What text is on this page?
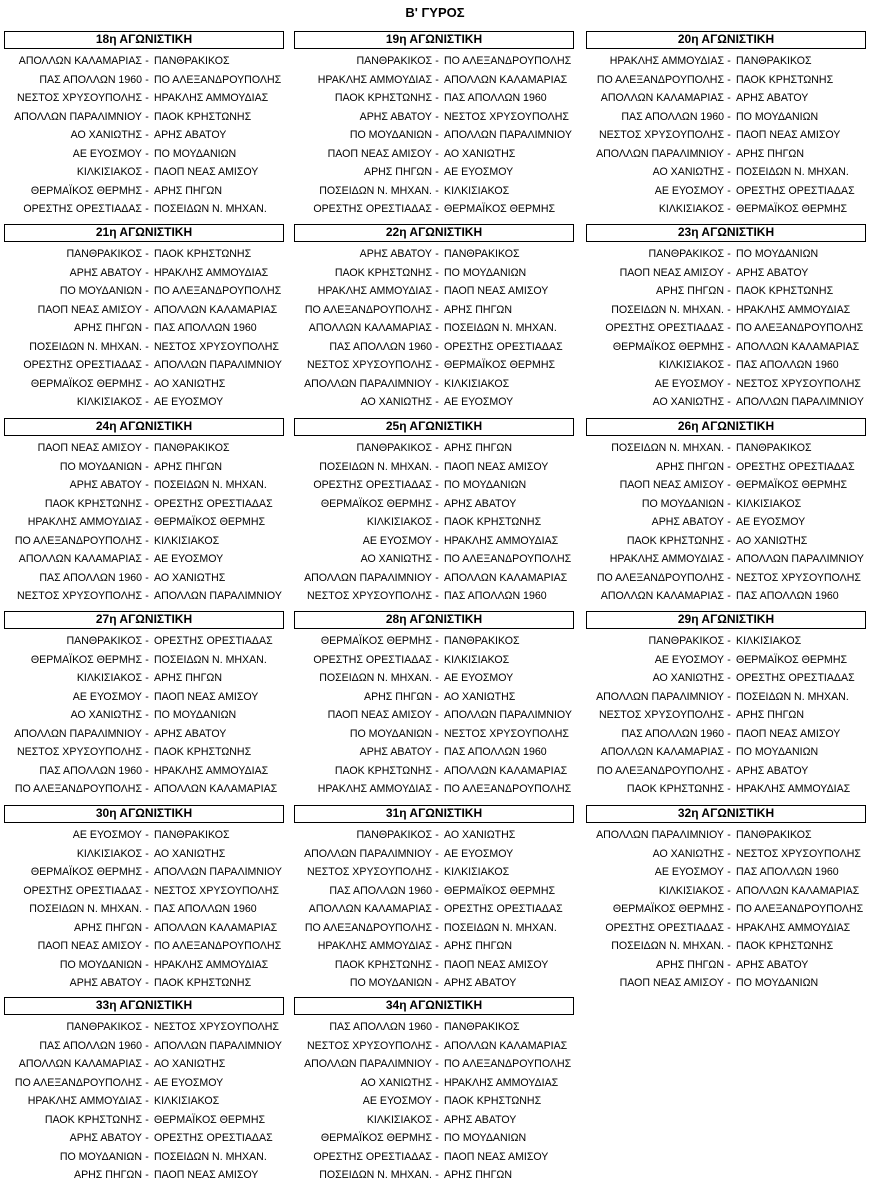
Β' ΓΥΡΟΣ
18η ΑΓΩΝΙΣΤΙΚΗ
ΑΠΟΛΛΩΝ ΚΑΛΑΜΑΡΙΑΣ - ΠΑΝΘΡΑΚΙΚΟΣ
ΠΑΣ ΑΠΟΛΛΩΝ 1960 - ΠΟ ΑΛΕΞΑΝΔΡΟΥΠΟΛΗΣ
ΝΕΣΤΟΣ ΧΡΥΣΟΥΠΟΛΗΣ - ΗΡΑΚΛΗΣ ΑΜΜΟΥΔΙΑΣ
ΑΠΟΛΛΩΝ ΠΑΡΑΛΙΜΝΙΟΥ - ΠΑΟΚ ΚΡΗΣΤΩΝΗΣ
ΑΟ ΧΑΝΙΩΤΗΣ - ΑΡΗΣ ΑΒΑΤΟΥ
ΑΕ ΕΥΟΣΜΟΥ - ΠΟ ΜΟΥΔΑΝΙΩΝ
ΚΙΛΚΙΣΙΑΚΟΣ - ΠΑΟΠ ΝΕΑΣ ΑΜΙΣΟΥ
ΘΕΡΜΑΪΚΟΣ ΘΕΡΜΗΣ - ΑΡΗΣ ΠΗΓΩΝ
ΟΡΕΣΤΗΣ ΟΡΕΣΤΙΑΔΑΣ - ΠΟΣΕΙΔΩΝ Ν. ΜΗΧΑΝ.
19η ΑΓΩΝΙΣΤΙΚΗ
ΠΑΝΘΡΑΚΙΚΟΣ - ΠΟ ΑΛΕΞΑΝΔΡΟΥΠΟΛΗΣ
ΗΡΑΚΛΗΣ ΑΜΜΟΥΔΙΑΣ - ΑΠΟΛΛΩΝ ΚΑΛΑΜΑΡΙΑΣ
ΠΑΟΚ ΚΡΗΣΤΩΝΗΣ - ΠΑΣ ΑΠΟΛΛΩΝ 1960
ΑΡΗΣ ΑΒΑΤΟΥ - ΝΕΣΤΟΣ ΧΡΥΣΟΥΠΟΛΗΣ
ΠΟ ΜΟΥΔΑΝΙΩΝ - ΑΠΟΛΛΩΝ ΠΑΡΑΛΙΜΝΙΟΥ
ΠΑΟΠ ΝΕΑΣ ΑΜΙΣΟΥ - ΑΟ ΧΑΝΙΩΤΗΣ
ΑΡΗΣ ΠΗΓΩΝ - ΑΕ ΕΥΟΣΜΟΥ
ΠΟΣΕΙΔΩΝ Ν. ΜΗΧΑΝ. - ΚΙΛΚΙΣΙΑΚΟΣ
ΟΡΕΣΤΗΣ ΟΡΕΣΤΙΑΔΑΣ - ΘΕΡΜΑΪΚΟΣ ΘΕΡΜΗΣ
20η ΑΓΩΝΙΣΤΙΚΗ
ΗΡΑΚΛΗΣ ΑΜΜΟΥΔΙΑΣ - ΠΑΝΘΡΑΚΙΚΟΣ
ΠΟ ΑΛΕΞΑΝΔΡΟΥΠΟΛΗΣ - ΠΑΟΚ ΚΡΗΣΤΩΝΗΣ
ΑΠΟΛΛΩΝ ΚΑΛΑΜΑΡΙΑΣ - ΑΡΗΣ ΑΒΑΤΟΥ
ΠΑΣ ΑΠΟΛΛΩΝ 1960 - ΠΟ ΜΟΥΔΑΝΙΩΝ
ΝΕΣΤΟΣ ΧΡΥΣΟΥΠΟΛΗΣ - ΠΑΟΠ ΝΕΑΣ ΑΜΙΣΟΥ
ΑΠΟΛΛΩΝ ΠΑΡΑΛΙΜΝΙΟΥ - ΑΡΗΣ ΠΗΓΩΝ
ΑΟ ΧΑΝΙΩΤΗΣ - ΠΟΣΕΙΔΩΝ Ν. ΜΗΧΑΝ.
ΑΕ ΕΥΟΣΜΟΥ - ΟΡΕΣΤΗΣ ΟΡΕΣΤΙΑΔΑΣ
ΚΙΛΚΙΣΙΑΚΟΣ - ΘΕΡΜΑΪΚΟΣ ΘΕΡΜΗΣ
21η ΑΓΩΝΙΣΤΙΚΗ
ΠΑΝΘΡΑΚΙΚΟΣ - ΠΑΟΚ ΚΡΗΣΤΩΝΗΣ
ΑΡΗΣ ΑΒΑΤΟΥ - ΗΡΑΚΛΗΣ ΑΜΜΟΥΔΙΑΣ
ΠΟ ΜΟΥΔΑΝΙΩΝ - ΠΟ ΑΛΕΞΑΝΔΡΟΥΠΟΛΗΣ
ΠΑΟΠ ΝΕΑΣ ΑΜΙΣΟΥ - ΑΠΟΛΛΩΝ ΚΑΛΑΜΑΡΙΑΣ
ΑΡΗΣ ΠΗΓΩΝ - ΠΑΣ ΑΠΟΛΛΩΝ 1960
ΠΟΣΕΙΔΩΝ Ν. ΜΗΧΑΝ. - ΝΕΣΤΟΣ ΧΡΥΣΟΥΠΟΛΗΣ
ΟΡΕΣΤΗΣ ΟΡΕΣΤΙΑΔΑΣ - ΑΠΟΛΛΩΝ ΠΑΡΑΛΙΜΝΙΟΥ
ΘΕΡΜΑΪΚΟΣ ΘΕΡΜΗΣ - ΑΟ ΧΑΝΙΩΤΗΣ
ΚΙΛΚΙΣΙΑΚΟΣ - ΑΕ ΕΥΟΣΜΟΥ
22η ΑΓΩΝΙΣΤΙΚΗ
ΑΡΗΣ ΑΒΑΤΟΥ - ΠΑΝΘΡΑΚΙΚΟΣ
ΠΑΟΚ ΚΡΗΣΤΩΝΗΣ - ΠΟ ΜΟΥΔΑΝΙΩΝ
ΗΡΑΚΛΗΣ ΑΜΜΟΥΔΙΑΣ - ΠΑΟΠ ΝΕΑΣ ΑΜΙΣΟΥ
ΠΟ ΑΛΕΞΑΝΔΡΟΥΠΟΛΗΣ - ΑΡΗΣ ΠΗΓΩΝ
ΑΠΟΛΛΩΝ ΚΑΛΑΜΑΡΙΑΣ - ΠΟΣΕΙΔΩΝ Ν. ΜΗΧΑΝ.
ΠΑΣ ΑΠΟΛΛΩΝ 1960 - ΟΡΕΣΤΗΣ ΟΡΕΣΤΙΑΔΑΣ
ΝΕΣΤΟΣ ΧΡΥΣΟΥΠΟΛΗΣ - ΘΕΡΜΑΪΚΟΣ ΘΕΡΜΗΣ
ΑΠΟΛΛΩΝ ΠΑΡΑΛΙΜΝΙΟΥ - ΚΙΛΚΙΣΙΑΚΟΣ
ΑΟ ΧΑΝΙΩΤΗΣ - ΑΕ ΕΥΟΣΜΟΥ
23η ΑΓΩΝΙΣΤΙΚΗ
ΠΑΝΘΡΑΚΙΚΟΣ - ΠΟ ΜΟΥΔΑΝΙΩΝ
ΠΑΟΠ ΝΕΑΣ ΑΜΙΣΟΥ - ΑΡΗΣ ΑΒΑΤΟΥ
ΑΡΗΣ ΠΗΓΩΝ - ΠΑΟΚ ΚΡΗΣΤΩΝΗΣ
ΠΟΣΕΙΔΩΝ Ν. ΜΗΧΑΝ. - ΗΡΑΚΛΗΣ ΑΜΜΟΥΔΙΑΣ
ΟΡΕΣΤΗΣ ΟΡΕΣΤΙΑΔΑΣ - ΠΟ ΑΛΕΞΑΝΔΡΟΥΠΟΛΗΣ
ΘΕΡΜΑΪΚΟΣ ΘΕΡΜΗΣ - ΑΠΟΛΛΩΝ ΚΑΛΑΜΑΡΙΑΣ
ΚΙΛΚΙΣΙΑΚΟΣ - ΠΑΣ ΑΠΟΛΛΩΝ 1960
ΑΕ ΕΥΟΣΜΟΥ - ΝΕΣΤΟΣ ΧΡΥΣΟΥΠΟΛΗΣ
ΑΟ ΧΑΝΙΩΤΗΣ - ΑΠΟΛΛΩΝ ΠΑΡΑΛΙΜΝΙΟΥ
24η ΑΓΩΝΙΣΤΙΚΗ
ΠΑΟΠ ΝΕΑΣ ΑΜΙΣΟΥ - ΠΑΝΘΡΑΚΙΚΟΣ
ΠΟ ΜΟΥΔΑΝΙΩΝ - ΑΡΗΣ ΠΗΓΩΝ
ΑΡΗΣ ΑΒΑΤΟΥ - ΠΟΣΕΙΔΩΝ Ν. ΜΗΧΑΝ.
ΠΑΟΚ ΚΡΗΣΤΩΝΗΣ - ΟΡΕΣΤΗΣ ΟΡΕΣΤΙΑΔΑΣ
ΗΡΑΚΛΗΣ ΑΜΜΟΥΔΙΑΣ - ΘΕΡΜΑΪΚΟΣ ΘΕΡΜΗΣ
ΠΟ ΑΛΕΞΑΝΔΡΟΥΠΟΛΗΣ - ΚΙΛΚΙΣΙΑΚΟΣ
ΑΠΟΛΛΩΝ ΚΑΛΑΜΑΡΙΑΣ - ΑΕ ΕΥΟΣΜΟΥ
ΠΑΣ ΑΠΟΛΛΩΝ 1960 - ΑΟ ΧΑΝΙΩΤΗΣ
ΝΕΣΤΟΣ ΧΡΥΣΟΥΠΟΛΗΣ - ΑΠΟΛΛΩΝ ΠΑΡΑΛΙΜΝΙΟΥ
25η ΑΓΩΝΙΣΤΙΚΗ
ΠΑΝΘΡΑΚΙΚΟΣ - ΑΡΗΣ ΠΗΓΩΝ
ΠΟΣΕΙΔΩΝ Ν. ΜΗΧΑΝ. - ΠΑΟΠ ΝΕΑΣ ΑΜΙΣΟΥ
ΟΡΕΣΤΗΣ ΟΡΕΣΤΙΑΔΑΣ - ΠΟ ΜΟΥΔΑΝΙΩΝ
ΘΕΡΜΑΪΚΟΣ ΘΕΡΜΗΣ - ΑΡΗΣ ΑΒΑΤΟΥ
ΚΙΛΚΙΣΙΑΚΟΣ - ΠΑΟΚ ΚΡΗΣΤΩΝΗΣ
ΑΕ ΕΥΟΣΜΟΥ - ΗΡΑΚΛΗΣ ΑΜΜΟΥΔΙΑΣ
ΑΟ ΧΑΝΙΩΤΗΣ - ΠΟ ΑΛΕΞΑΝΔΡΟΥΠΟΛΗΣ
ΑΠΟΛΛΩΝ ΠΑΡΑΛΙΜΝΙΟΥ - ΑΠΟΛΛΩΝ ΚΑΛΑΜΑΡΙΑΣ
ΝΕΣΤΟΣ ΧΡΥΣΟΥΠΟΛΗΣ - ΠΑΣ ΑΠΟΛΛΩΝ 1960
26η ΑΓΩΝΙΣΤΙΚΗ
ΠΟΣΕΙΔΩΝ Ν. ΜΗΧΑΝ. - ΠΑΝΘΡΑΚΙΚΟΣ
ΑΡΗΣ ΠΗΓΩΝ - ΟΡΕΣΤΗΣ ΟΡΕΣΤΙΑΔΑΣ
ΠΑΟΠ ΝΕΑΣ ΑΜΙΣΟΥ - ΘΕΡΜΑΪΚΟΣ ΘΕΡΜΗΣ
ΠΟ ΜΟΥΔΑΝΙΩΝ - ΚΙΛΚΙΣΙΑΚΟΣ
ΑΡΗΣ ΑΒΑΤΟΥ - ΑΕ ΕΥΟΣΜΟΥ
ΠΑΟΚ ΚΡΗΣΤΩΝΗΣ - ΑΟ ΧΑΝΙΩΤΗΣ
ΗΡΑΚΛΗΣ ΑΜΜΟΥΔΙΑΣ - ΑΠΟΛΛΩΝ ΠΑΡΑΛΙΜΝΙΟΥ
ΠΟ ΑΛΕΞΑΝΔΡΟΥΠΟΛΗΣ - ΝΕΣΤΟΣ ΧΡΥΣΟΥΠΟΛΗΣ
ΑΠΟΛΛΩΝ ΚΑΛΑΜΑΡΙΑΣ - ΠΑΣ ΑΠΟΛΛΩΝ 1960
27η ΑΓΩΝΙΣΤΙΚΗ
ΠΑΝΘΡΑΚΙΚΟΣ - ΟΡΕΣΤΗΣ ΟΡΕΣΤΙΑΔΑΣ
ΘΕΡΜΑΪΚΟΣ ΘΕΡΜΗΣ - ΠΟΣΕΙΔΩΝ Ν. ΜΗΧΑΝ.
ΚΙΛΚΙΣΙΑΚΟΣ - ΑΡΗΣ ΠΗΓΩΝ
ΑΕ ΕΥΟΣΜΟΥ - ΠΑΟΠ ΝΕΑΣ ΑΜΙΣΟΥ
ΑΟ ΧΑΝΙΩΤΗΣ - ΠΟ ΜΟΥΔΑΝΙΩΝ
ΑΠΟΛΛΩΝ ΠΑΡΑΛΙΜΝΙΟΥ - ΑΡΗΣ ΑΒΑΤΟΥ
ΝΕΣΤΟΣ ΧΡΥΣΟΥΠΟΛΗΣ - ΠΑΟΚ ΚΡΗΣΤΩΝΗΣ
ΠΑΣ ΑΠΟΛΛΩΝ 1960 - ΗΡΑΚΛΗΣ ΑΜΜΟΥΔΙΑΣ
ΠΟ ΑΛΕΞΑΝΔΡΟΥΠΟΛΗΣ - ΑΠΟΛΛΩΝ ΚΑΛΑΜΑΡΙΑΣ
28η ΑΓΩΝΙΣΤΙΚΗ
ΘΕΡΜΑΪΚΟΣ ΘΕΡΜΗΣ - ΠΑΝΘΡΑΚΙΚΟΣ
ΟΡΕΣΤΗΣ ΟΡΕΣΤΙΑΔΑΣ - ΚΙΛΚΙΣΙΑΚΟΣ
ΠΟΣΕΙΔΩΝ Ν. ΜΗΧΑΝ. - ΑΕ ΕΥΟΣΜΟΥ
ΑΡΗΣ ΠΗΓΩΝ - ΑΟ ΧΑΝΙΩΤΗΣ
ΠΑΟΠ ΝΕΑΣ ΑΜΙΣΟΥ - ΑΠΟΛΛΩΝ ΠΑΡΑΛΙΜΝΙΟΥ
ΠΟ ΜΟΥΔΑΝΙΩΝ - ΝΕΣΤΟΣ ΧΡΥΣΟΥΠΟΛΗΣ
ΑΡΗΣ ΑΒΑΤΟΥ - ΠΑΣ ΑΠΟΛΛΩΝ 1960
ΠΑΟΚ ΚΡΗΣΤΩΝΗΣ - ΑΠΟΛΛΩΝ ΚΑΛΑΜΑΡΙΑΣ
ΗΡΑΚΛΗΣ ΑΜΜΟΥΔΙΑΣ - ΠΟ ΑΛΕΞΑΝΔΡΟΥΠΟΛΗΣ
29η ΑΓΩΝΙΣΤΙΚΗ
ΠΑΝΘΡΑΚΙΚΟΣ - ΚΙΛΚΙΣΙΑΚΟΣ
ΑΕ ΕΥΟΣΜΟΥ - ΘΕΡΜΑΪΚΟΣ ΘΕΡΜΗΣ
ΑΟ ΧΑΝΙΩΤΗΣ - ΟΡΕΣΤΗΣ ΟΡΕΣΤΙΑΔΑΣ
ΑΠΟΛΛΩΝ ΠΑΡΑΛΙΜΝΙΟΥ - ΠΟΣΕΙΔΩΝ Ν. ΜΗΧΑΝ.
ΝΕΣΤΟΣ ΧΡΥΣΟΥΠΟΛΗΣ - ΑΡΗΣ ΠΗΓΩΝ
ΠΑΣ ΑΠΟΛΛΩΝ 1960 - ΠΑΟΠ ΝΕΑΣ ΑΜΙΣΟΥ
ΑΠΟΛΛΩΝ ΚΑΛΑΜΑΡΙΑΣ - ΠΟ ΜΟΥΔΑΝΙΩΝ
ΠΟ ΑΛΕΞΑΝΔΡΟΥΠΟΛΗΣ - ΑΡΗΣ ΑΒΑΤΟΥ
ΠΑΟΚ ΚΡΗΣΤΩΝΗΣ - ΗΡΑΚΛΗΣ ΑΜΜΟΥΔΙΑΣ
30η ΑΓΩΝΙΣΤΙΚΗ
ΑΕ ΕΥΟΣΜΟΥ - ΠΑΝΘΡΑΚΙΚΟΣ
ΚΙΛΚΙΣΙΑΚΟΣ - ΑΟ ΧΑΝΙΩΤΗΣ
ΘΕΡΜΑΪΚΟΣ ΘΕΡΜΗΣ - ΑΠΟΛΛΩΝ ΠΑΡΑΛΙΜΝΙΟΥ
ΟΡΕΣΤΗΣ ΟΡΕΣΤΙΑΔΑΣ - ΝΕΣΤΟΣ ΧΡΥΣΟΥΠΟΛΗΣ
ΠΟΣΕΙΔΩΝ Ν. ΜΗΧΑΝ. - ΠΑΣ ΑΠΟΛΛΩΝ 1960
ΑΡΗΣ ΠΗΓΩΝ - ΑΠΟΛΛΩΝ ΚΑΛΑΜΑΡΙΑΣ
ΠΑΟΠ ΝΕΑΣ ΑΜΙΣΟΥ - ΠΟ ΑΛΕΞΑΝΔΡΟΥΠΟΛΗΣ
ΠΟ ΜΟΥΔΑΝΙΩΝ - ΗΡΑΚΛΗΣ ΑΜΜΟΥΔΙΑΣ
ΑΡΗΣ ΑΒΑΤΟΥ - ΠΑΟΚ ΚΡΗΣΤΩΝΗΣ
31η ΑΓΩΝΙΣΤΙΚΗ
ΠΑΝΘΡΑΚΙΚΟΣ - ΑΟ ΧΑΝΙΩΤΗΣ
ΑΠΟΛΛΩΝ ΠΑΡΑΛΙΜΝΙΟΥ - ΑΕ ΕΥΟΣΜΟΥ
ΝΕΣΤΟΣ ΧΡΥΣΟΥΠΟΛΗΣ - ΚΙΛΚΙΣΙΑΚΟΣ
ΠΑΣ ΑΠΟΛΛΩΝ 1960 - ΘΕΡΜΑΪΚΟΣ ΘΕΡΜΗΣ
ΑΠΟΛΛΩΝ ΚΑΛΑΜΑΡΙΑΣ - ΟΡΕΣΤΗΣ ΟΡΕΣΤΙΑΔΑΣ
ΠΟ ΑΛΕΞΑΝΔΡΟΥΠΟΛΗΣ - ΠΟΣΕΙΔΩΝ Ν. ΜΗΧΑΝ.
ΗΡΑΚΛΗΣ ΑΜΜΟΥΔΙΑΣ - ΑΡΗΣ ΠΗΓΩΝ
ΠΑΟΚ ΚΡΗΣΤΩΝΗΣ - ΠΑΟΠ ΝΕΑΣ ΑΜΙΣΟΥ
ΠΟ ΜΟΥΔΑΝΙΩΝ - ΑΡΗΣ ΑΒΑΤΟΥ
32η ΑΓΩΝΙΣΤΙΚΗ
ΑΠΟΛΛΩΝ ΠΑΡΑΛΙΜΝΙΟΥ - ΠΑΝΘΡΑΚΙΚΟΣ
ΑΟ ΧΑΝΙΩΤΗΣ - ΝΕΣΤΟΣ ΧΡΥΣΟΥΠΟΛΗΣ
ΑΕ ΕΥΟΣΜΟΥ - ΠΑΣ ΑΠΟΛΛΩΝ 1960
ΚΙΛΚΙΣΙΑΚΟΣ - ΑΠΟΛΛΩΝ ΚΑΛΑΜΑΡΙΑΣ
ΘΕΡΜΑΪΚΟΣ ΘΕΡΜΗΣ - ΠΟ ΑΛΕΞΑΝΔΡΟΥΠΟΛΗΣ
ΟΡΕΣΤΗΣ ΟΡΕΣΤΙΑΔΑΣ - ΗΡΑΚΛΗΣ ΑΜΜΟΥΔΙΑΣ
ΠΟΣΕΙΔΩΝ Ν. ΜΗΧΑΝ. - ΠΑΟΚ ΚΡΗΣΤΩΝΗΣ
ΑΡΗΣ ΠΗΓΩΝ - ΑΡΗΣ ΑΒΑΤΟΥ
ΠΑΟΠ ΝΕΑΣ ΑΜΙΣΟΥ - ΠΟ ΜΟΥΔΑΝΙΩΝ
33η ΑΓΩΝΙΣΤΙΚΗ
ΠΑΝΘΡΑΚΙΚΟΣ - ΝΕΣΤΟΣ ΧΡΥΣΟΥΠΟΛΗΣ
ΠΑΣ ΑΠΟΛΛΩΝ 1960 - ΑΠΟΛΛΩΝ ΠΑΡΑΛΙΜΝΙΟΥ
ΑΠΟΛΛΩΝ ΚΑΛΑΜΑΡΙΑΣ - ΑΟ ΧΑΝΙΩΤΗΣ
ΠΟ ΑΛΕΞΑΝΔΡΟΥΠΟΛΗΣ - ΑΕ ΕΥΟΣΜΟΥ
ΗΡΑΚΛΗΣ ΑΜΜΟΥΔΙΑΣ - ΚΙΛΚΙΣΙΑΚΟΣ
ΠΑΟΚ ΚΡΗΣΤΩΝΗΣ - ΘΕΡΜΑΪΚΟΣ ΘΕΡΜΗΣ
ΑΡΗΣ ΑΒΑΤΟΥ - ΟΡΕΣΤΗΣ ΟΡΕΣΤΙΑΔΑΣ
ΠΟ ΜΟΥΔΑΝΙΩΝ - ΠΟΣΕΙΔΩΝ Ν. ΜΗΧΑΝ.
ΑΡΗΣ ΠΗΓΩΝ - ΠΑΟΠ ΝΕΑΣ ΑΜΙΣΟΥ
34η ΑΓΩΝΙΣΤΙΚΗ
ΠΑΣ ΑΠΟΛΛΩΝ 1960 - ΠΑΝΘΡΑΚΙΚΟΣ
ΝΕΣΤΟΣ ΧΡΥΣΟΥΠΟΛΗΣ - ΑΠΟΛΛΩΝ ΚΑΛΑΜΑΡΙΑΣ
ΑΠΟΛΛΩΝ ΠΑΡΑΛΙΜΝΙΟΥ - ΠΟ ΑΛΕΞΑΝΔΡΟΥΠΟΛΗΣ
ΑΟ ΧΑΝΙΩΤΗΣ - ΗΡΑΚΛΗΣ ΑΜΜΟΥΔΙΑΣ
ΑΕ ΕΥΟΣΜΟΥ - ΠΑΟΚ ΚΡΗΣΤΩΝΗΣ
ΚΙΛΚΙΣΙΑΚΟΣ - ΑΡΗΣ ΑΒΑΤΟΥ
ΘΕΡΜΑΪΚΟΣ ΘΕΡΜΗΣ - ΠΟ ΜΟΥΔΑΝΙΩΝ
ΟΡΕΣΤΗΣ ΟΡΕΣΤΙΑΔΑΣ - ΠΑΟΠ ΝΕΑΣ ΑΜΙΣΟΥ
ΠΟΣΕΙΔΩΝ Ν. ΜΗΧΑΝ. - ΑΡΗΣ ΠΗΓΩΝ
